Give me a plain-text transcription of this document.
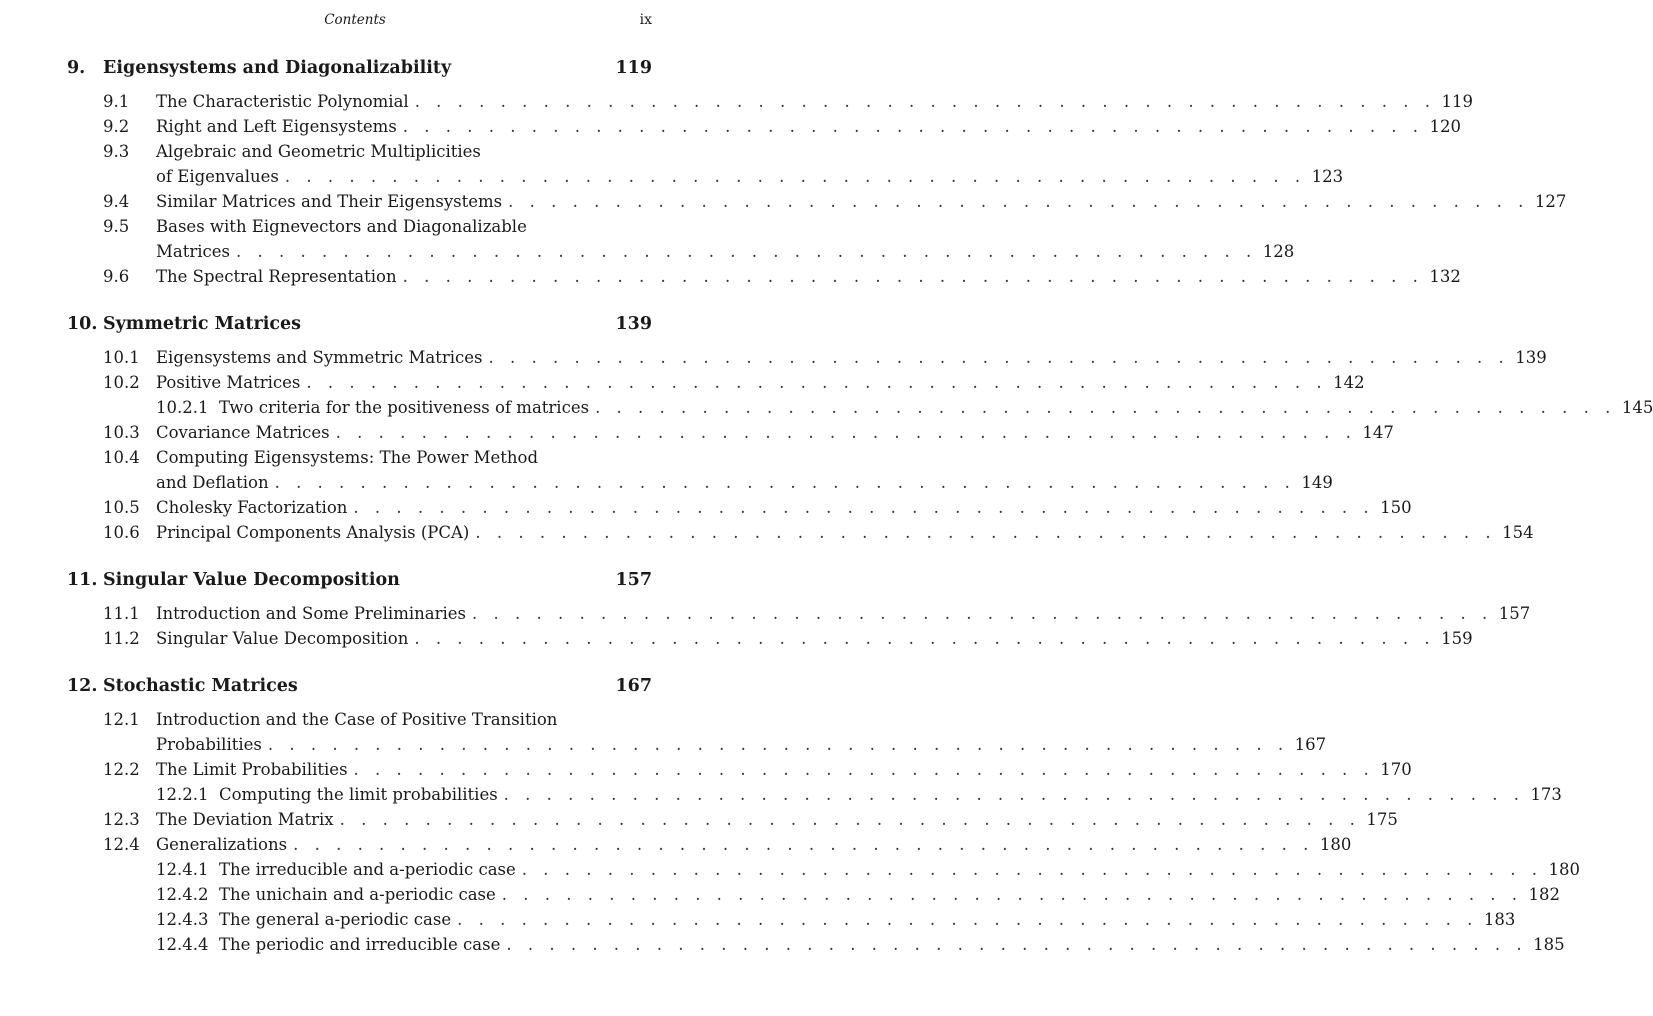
Contents	ix
9. Eigensystems and Diagonalizability	119
9.1 The Characteristic Polynomial . . . . . . . . . . . . . . . . . . . . . . . . . . . . . . . . . . . . . . . . . . . . . . . . 119
9.2 Right and Left Eigensystems . . . . . . . . . . . . . . . . . . . . . . . . . . . . . . . . . . . . . . . . . . . . . . . . 120
9.3 Algebraic and Geometric Multiplicities
of Eigenvalues . . . . . . . . . . . . . . . . . . . . . . . . . . . . . . . . . . . . . . . . . . . . . . . . 123
9.4 Similar Matrices and Their Eigensystems . . . . . . . . . . . . . . . . . . . . . . . . . . . . . . . . . . . . . . . . . . . . . . . . 127
9.5 Bases with Eignevectors and Diagonalizable
Matrices . . . . . . . . . . . . . . . . . . . . . . . . . . . . . . . . . . . . . . . . . . . . . . . . 128
9.6 The Spectral Representation . . . . . . . . . . . . . . . . . . . . . . . . . . . . . . . . . . . . . . . . . . . . . . . . 132
10. Symmetric Matrices	139
10.1 Eigensystems and Symmetric Matrices . . . . . . . . . . . . . . . . . . . . . . . . . . . . . . . . . . . . . . . . . . . . . . . . 139
10.2 Positive Matrices . . . . . . . . . . . . . . . . . . . . . . . . . . . . . . . . . . . . . . . . . . . . . . . . 142
10.2.1 Two criteria for the positiveness of matrices . . . . . . . . . . . . . . . . . . . . . . . . . . . . . . . . . . . . . . . . . . . . . . . . 145
10.3 Covariance Matrices . . . . . . . . . . . . . . . . . . . . . . . . . . . . . . . . . . . . . . . . . . . . . . . . 147
10.4 Computing Eigensystems: The Power Method
and Deflation . . . . . . . . . . . . . . . . . . . . . . . . . . . . . . . . . . . . . . . . . . . . . . . . 149
10.5 Cholesky Factorization . . . . . . . . . . . . . . . . . . . . . . . . . . . . . . . . . . . . . . . . . . . . . . . . 150
10.6 Principal Components Analysis (PCA) . . . . . . . . . . . . . . . . . . . . . . . . . . . . . . . . . . . . . . . . . . . . . . . . 154
11. Singular Value Decomposition	157
11.1 Introduction and Some Preliminaries . . . . . . . . . . . . . . . . . . . . . . . . . . . . . . . . . . . . . . . . . . . . . . . . 157
11.2 Singular Value Decomposition . . . . . . . . . . . . . . . . . . . . . . . . . . . . . . . . . . . . . . . . . . . . . . . . 159
12. Stochastic Matrices	167
12.1 Introduction and the Case of Positive Transition
Probabilities . . . . . . . . . . . . . . . . . . . . . . . . . . . . . . . . . . . . . . . . . . . . . . . . 167
12.2 The Limit Probabilities . . . . . . . . . . . . . . . . . . . . . . . . . . . . . . . . . . . . . . . . . . . . . . . . 170
12.2.1 Computing the limit probabilities . . . . . . . . . . . . . . . . . . . . . . . . . . . . . . . . . . . . . . . . . . . . . . . . 173
12.3 The Deviation Matrix . . . . . . . . . . . . . . . . . . . . . . . . . . . . . . . . . . . . . . . . . . . . . . . . 175
12.4 Generalizations . . . . . . . . . . . . . . . . . . . . . . . . . . . . . . . . . . . . . . . . . . . . . . . . 180
12.4.1 The irreducible and a-periodic case . . . . . . . . . . . . . . . . . . . . . . . . . . . . . . . . . . . . . . . . . . . . . . . . 180
12.4.2 The unichain and a-periodic case . . . . . . . . . . . . . . . . . . . . . . . . . . . . . . . . . . . . . . . . . . . . . . . . 182
12.4.3 The general a-periodic case . . . . . . . . . . . . . . . . . . . . . . . . . . . . . . . . . . . . . . . . . . . . . . . . 183
12.4.4 The periodic and irreducible case . . . . . . . . . . . . . . . . . . . . . . . . . . . . . . . . . . . . . . . . . . . . . . . . 185
